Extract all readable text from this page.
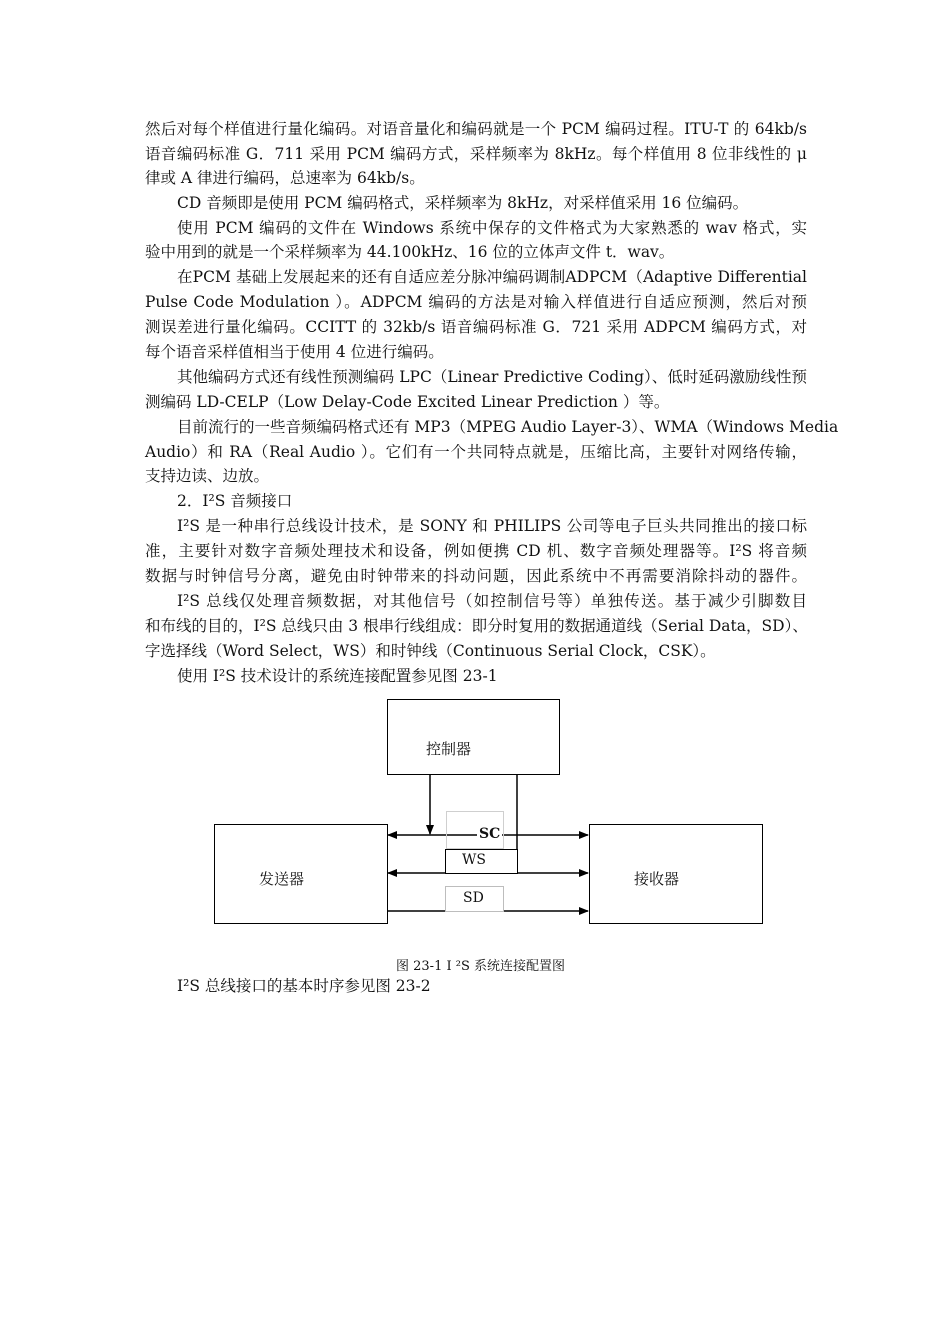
然后对每个样值进行量化编码。对语音量化和编码就是一个 PCM 编码过程。ITU-T 的 64kb/s
语音编码标准 G．711 采用 PCM 编码方式，采样频率为 8kHz。每个样值用 8 位非线性的 μ
律或 A 律进行编码，总速率为 64kb/s。
CD 音频即是使用 PCM 编码格式，采样频率为 8kHz，对采样值采用 16 位编码。
使用 PCM 编码的文件在 Windows 系统中保存的文件格式为大家熟悉的 wav 格式，实
验中用到的就是一个采样频率为 44.100kHz、16 位的立体声文件 t．wav。
在PCM 基础上发展起来的还有自适应差分脉冲编码调制ADPCM（Adaptive Differential
Pulse Code Modulation ）。ADPCM 编码的方法是对输入样值进行自适应预测，然后对预
测误差进行量化编码。CCITT 的 32kb/s 语音编码标准 G．721 采用 ADPCM 编码方式，对
每个语音采样值相当于使用 4 位进行编码。
其他编码方式还有线性预测编码 LPC（Linear Predictive Coding）、低时延码激励线性预
测编码 LD-CELP（Low Delay-Code Excited Linear Prediction ）等。
目前流行的一些音频编码格式还有 MP3（MPEG Audio Layer-3）、WMA（Windows Media
Audio）和 RA（Real Audio ）。它们有一个共同特点就是，压缩比高，主要针对网络传输，
支持边读、边放。
2．I²S 音频接口
I²S 是一种串行总线设计技术，是 SONY 和 PHILIPS 公司等电子巨头共同推出的接口标
准，主要针对数字音频处理技术和设备，例如便携 CD 机、数字音频处理器等。I²S 将音频
数据与时钟信号分离，避免由时钟带来的抖动问题，因此系统中不再需要消除抖动的器件。
I²S 总线仅处理音频数据，对其他信号（如控制信号等）单独传送。基于减少引脚数目
和布线的目的，I²S 总线只由 3 根串行线组成：即分时复用的数据通道线（Serial Data，SD）、
字选择线（Word Select，WS）和时钟线（Continuous Serial Clock，CSK）。
使用 I²S 技术设计的系统连接配置参见图 23-1
控制器
发送器	接收器
SC
WS
SD
图 23-1 I ²S 系统连接配置图
I²S 总线接口的基本时序参见图 23-2
